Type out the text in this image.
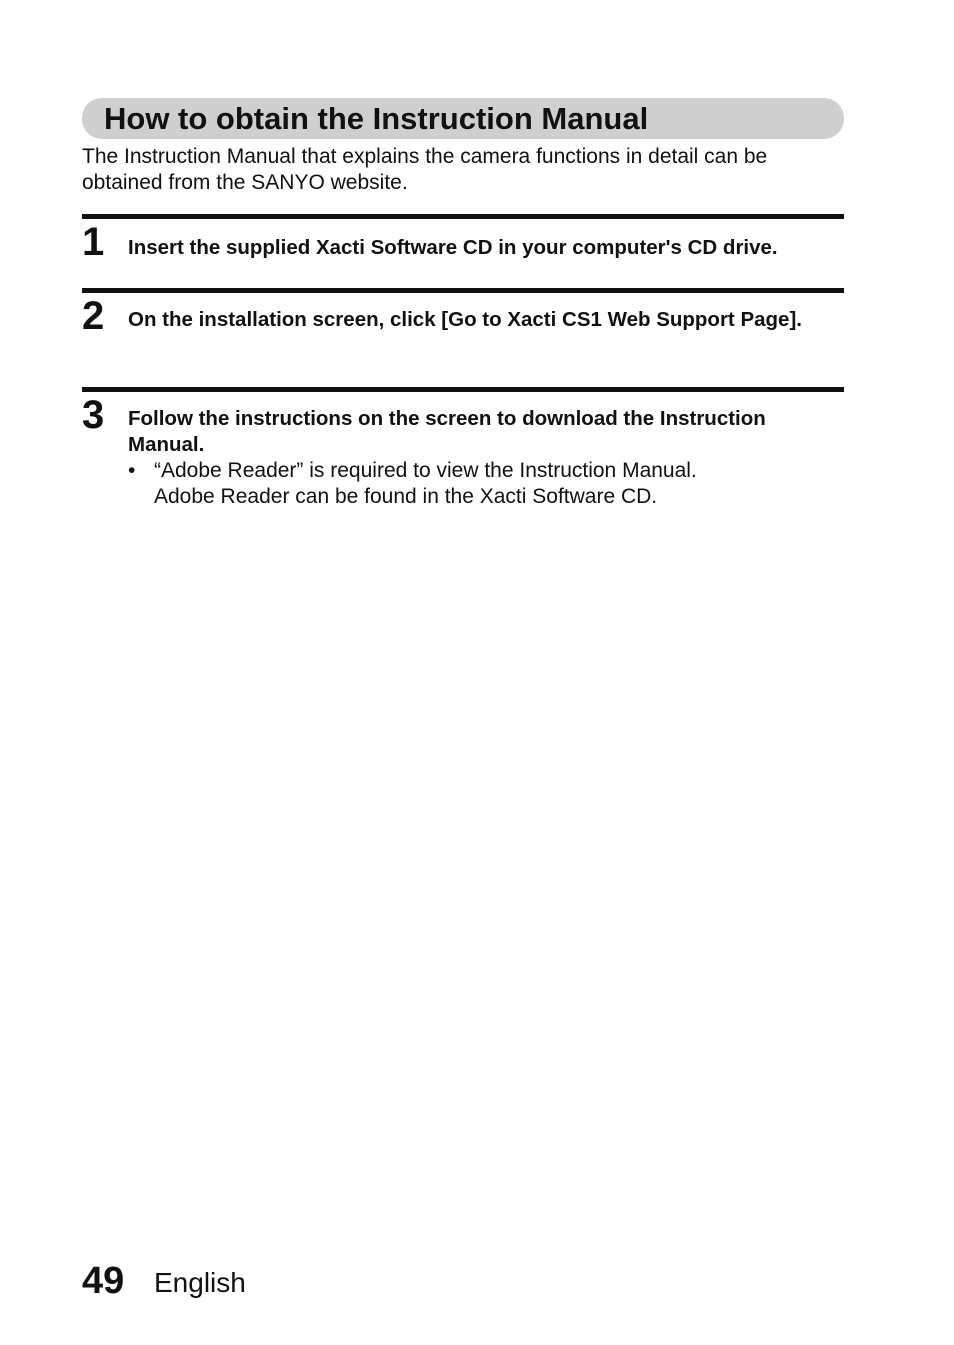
How to obtain the Instruction Manual
The Instruction Manual that explains the camera functions in detail can be obtained from the SANYO website.
1 Insert the supplied Xacti Software CD in your computer's CD drive.
2 On the installation screen, click [Go to Xacti CS1 Web Support Page].
3 Follow the instructions on the screen to download the Instruction Manual.
• “Adobe Reader” is required to view the Instruction Manual.
Adobe Reader can be found in the Xacti Software CD.
49 English
